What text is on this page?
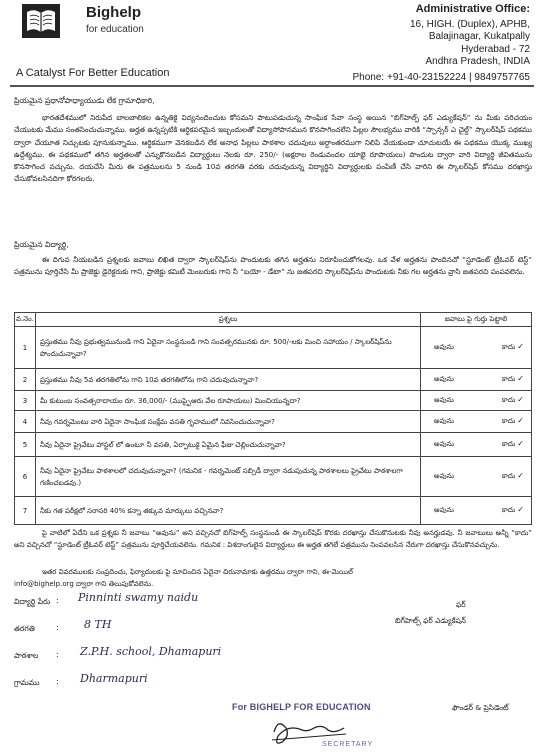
Bighelp
for education
A Catalyst For Better Education
Administrative Office:
16, HIGH. (Duplex), APHB,
Balajinagar, Kukatpally
Hyderabad - 72
Andhra Pradesh, INDIA
Phone: +91-40-23152224 | 9849757765
ప్రియమైన ప్రధానోపాధ్యాయుడు లేక గ్రామాధికారి,
భారతదేశములో నిరుపేద బాలబాలికల ఉన్నతికై విద్యనందించుట కోసమని పాటుపడుచున్న సాంఘిక సేవా సంస్థ అయిన “బిగ్‌హెల్ప్ ఫర్ ఎడ్యుకేషన్” ను మీకు పరిచయం చేయుటకు మేము సంతసించుచున్నాము. అర్హత ఉన్నప్పటికి ఆర్థికపరమైన ఇబ్బందులతో విద్యాసోపానమున కొనసాగించలేని పిల్లల సౌలభ్యము వారికి “స్పాన్సర్ ఎ చైల్డ్” స్కాలర్‌షిప్ పథకము ద్వారా చేయూత నిచ్చుటకు పూనుకున్నాము. ఆర్థికముగా వెనకబడిన లేక అనాధ పిల్లలు పాఠశాల చదువులు అర్థాంతరముగా నిలిపి వేయకుండా చూచుటయే ఈ పథకము యొక్క ముఖ్య ఉద్దేశ్యము. ఈ పథకములో తగిన అర్హతలతో ఎన్నుకొనబడిన విద్యార్థులు నెలకు రూ. 250/- (అక్షరాల రెండువందల యాభై రూపాయలు) పొందుట ద్వారా వారి విద్యార్థి జీవితమును కొనసాగించ వచ్చును. దయచేసి మీరు ఈ పత్రములను 5 నుండి 10వ తరగతి వరకు చదువుచున్న విద్యార్థిని విద్యార్థులకు పంపిణీ చేసి వారిని ఈ స్కాలర్‌షిప్ కోసము దరఖాస్తు చేసుకోవలసినదిగా కోరగలరు.
ప్రియమైన విద్యార్థి,
ఈ దిగువ నీయబడిన ప్రశ్నలకు జవాబు లిఖిత ద్వారా స్కాలర్‌షిప్‌ను పొందుటకు తగిన అర్హతను నిరూపించుకోగలవు. ఒక వేళ అర్హతను పొందినచో “స్టూడెంట్ ట్రీఓవర్ టెస్ట్” పత్రమును పూర్తిచేసి మీ ప్రాజెక్టు డైరెక్టరుకు గాని, ప్రాజెక్టు కమిటీ మెంబరుకు గాని నీ “బయో - డేటా” ను జతపరచి స్కాలర్‌షిప్‌ను పొందుటకు నీకు గల అర్హతను వ్రాసి జతపరచి పంపవలెను.
వ.నెం.	ప్రశ్నలు	జవాబు పై గుర్తు పెట్టాలి
1	ప్రస్తుతము నీవు ప్రభుత్వమునుండి గాని ఏదైనా సంస్థనుండి గాని సంవత్సరమునకు రూ. 500/-లకు మించి సహాయం / స్కాలర్‌షిప్‌ను పొందుచున్నావా?	అవును కాదు ✓

2	ప్రస్తుతము నీవు 5వ తరగతిలోను గాని 10వ తరగతిలోను గాని చదువుచున్నావా?	అవును కాదు ✓

3	మీ కుటుంబ సంవత్సరాదాయం రూ. 36,000/- (ముప్ఫైఆరు వేల రూపాయలు) మించియున్నదా?	అవును కాదు ✓

4	నీవు గవర్నమెంటు వారి ఏదైనా సాంఘిక సంక్షేమ వసతి గృహములో నివసించుచున్నావా?	అవును కాదు ✓

5	నీవు ఏదైనా ప్రైవేటు హాస్టల్ లో ఉంటూ నీ వసతి, ఏర్పాటుకై ఏమైన ఫీజు చెల్లించుచున్నావా?	అవును కాదు ✓

6	నీవు ఏదైనా ప్రైవేటు పాఠశాలలో చదువుచున్నావా? (గమనిక - గవర్నమెంట్ సబ్సిడీ ద్వారా నడుపుచున్న పాఠశాలలు ప్రైవేటు పాఠశాలగా గణించబడవు.)	అవును కాదు ✓

7	నీకు గత పరీక్షలో సరాసరి 40% కన్నా తక్కువ మార్కులు వచ్చినవా?	అవును కాదు ✓
పై వాటిలో ఏదేని ఒక ప్రశ్నకు నీ జవాబు “అవును” అని వచ్చినచో బిగ్‌హెల్ప్ సంస్థనుండి ఈ స్కాలర్‌షిప్ కొరకు దరఖాస్తు చేసుకొనుటకు నీవు అనర్హుడవు. నీ జవాబులు అన్నీ “కాదు” అని వచ్చినచో “స్టూడెంట్ ట్రీఓవర్ టెస్ట్” పత్రమును పూర్తిచేయవలెను. గమనిక : విశదాంగులైన విద్యార్థులు ఈ అర్హత తగిలే పత్రమును నింపవలసిన నేరుగా దరఖాస్తు చేసుకొనవచ్చును.
ఇతర వివరములకు సంప్రదించు, ఫిర్యాదులకు పై సూచించిన ఏదైనా చిరునామాకు ఉత్తరము ద్వారా గాని, ఈ-మెయిల్
info@bighelp.org ద్వారా గాని తెలుపుకోవలెను.
విద్యార్థి పేరు : Pinninti swamy naidu
తరగతి	: 8 TH
పాఠశాల : Z.P.H. school, Dhamapuri
గ్రామము : Dharmapuri
ఫర్
బిగ్‌హెల్ప్ ఫర్ ఎడ్యుకేషన్
ఫౌండర్ & ప్రెసిడెంట్
For BIGHELP FOR EDUCATION
SECRETARY
